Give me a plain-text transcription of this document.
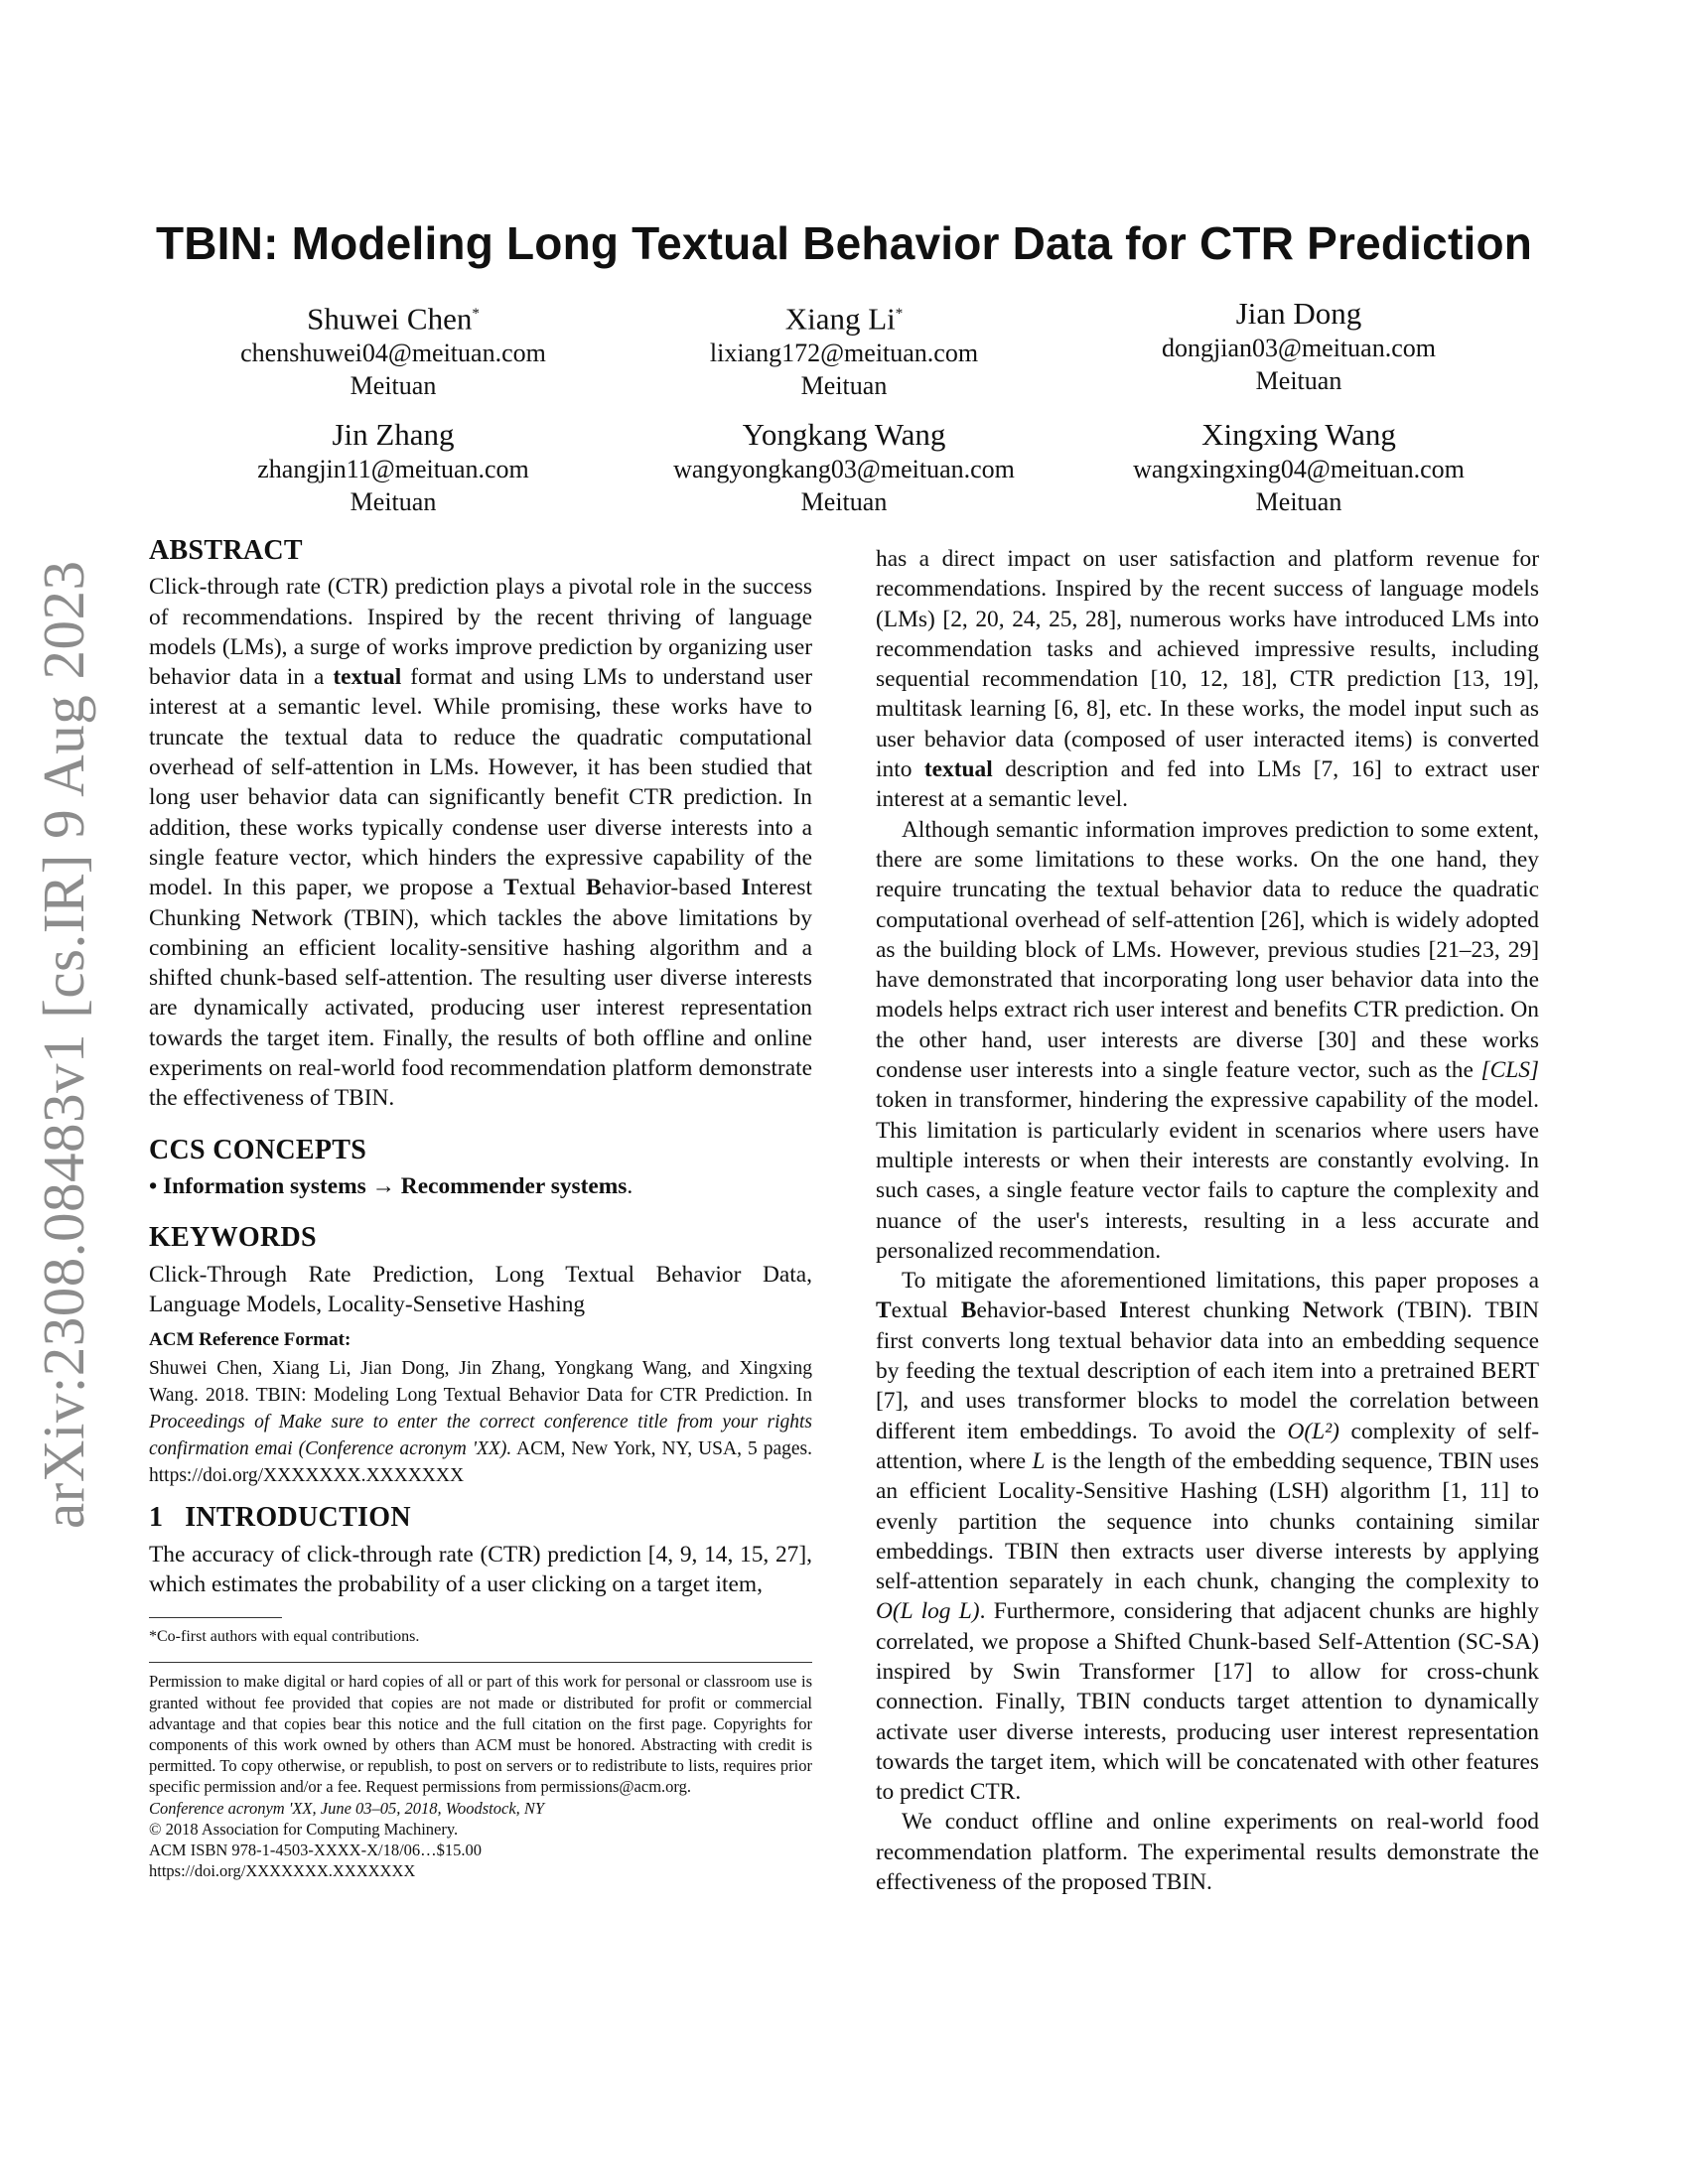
arXiv:2308.08483v1 [cs.IR] 9 Aug 2023
TBIN: Modeling Long Textual Behavior Data for CTR Prediction
Shuwei Chen*
chenshuwei04@meituan.com
Meituan
Xiang Li*
lixiang172@meituan.com
Meituan
Jian Dong
dongjian03@meituan.com
Meituan
Jin Zhang
zhangjin11@meituan.com
Meituan
Yongkang Wang
wangyongkang03@meituan.com
Meituan
Xingxing Wang
wangxingxing04@meituan.com
Meituan
ABSTRACT

Click-through rate (CTR) prediction plays a pivotal role in the success of recommendations. Inspired by the recent thriving of language models (LMs), a surge of works improve prediction by organizing user behavior data in a textual format and using LMs to understand user interest at a semantic level. While promising, these works have to truncate the textual data to reduce the quadratic computational overhead of self-attention in LMs. However, it has been studied that long user behavior data can significantly benefit CTR prediction. In addition, these works typically condense user diverse interests into a single feature vector, which hinders the expressive capability of the model. In this paper, we propose a Textual Behavior-based Interest Chunking Network (TBIN), which tackles the above limitations by combining an efficient locality-sensitive hashing algorithm and a shifted chunk-based self-attention. The resulting user diverse interests are dynamically activated, producing user interest representation towards the target item. Finally, the results of both offline and online experiments on real-world food recommendation platform demonstrate the effectiveness of TBIN.

CCS CONCEPTS

• Information systems → Recommender systems.

KEYWORDS

Click-Through Rate Prediction, Long Textual Behavior Data, Language Models, Locality-Sensetive Hashing

ACM Reference Format:

Shuwei Chen, Xiang Li, Jian Dong, Jin Zhang, Yongkang Wang, and Xingxing Wang. 2018. TBIN: Modeling Long Textual Behavior Data for CTR Prediction. In Proceedings of Make sure to enter the correct conference title from your rights confirmation emai (Conference acronym 'XX). ACM, New York, NY, USA, 5 pages. https://doi.org/XXXXXXX.XXXXXXX

1 INTRODUCTION

The accuracy of click-through rate (CTR) prediction [4, 9, 14, 15, 27], which estimates the probability of a user clicking on a target item,

*Co-first authors with equal contributions.
Permission to make digital or hard copies of all or part of this work for personal or classroom use is granted without fee provided that copies are not made or distributed for profit or commercial advantage and that copies bear this notice and the full citation on the first page. Copyrights for components of this work owned by others than ACM must be honored. Abstracting with credit is permitted. To copy otherwise, or republish, to post on servers or to redistribute to lists, requires prior specific permission and/or a fee. Request permissions from permissions@acm.org.
Conference acronym 'XX, June 03–05, 2018, Woodstock, NY
© 2018 Association for Computing Machinery.
ACM ISBN 978-1-4503-XXXX-X/18/06…$15.00
https://doi.org/XXXXXXX.XXXXXXX

has a direct impact on user satisfaction and platform revenue for recommendations. Inspired by the recent success of language models (LMs) [2, 20, 24, 25, 28], numerous works have introduced LMs into recommendation tasks and achieved impressive results, including sequential recommendation [10, 12, 18], CTR prediction [13, 19], multitask learning [6, 8], etc. In these works, the model input such as user behavior data (composed of user interacted items) is converted into textual description and fed into LMs [7, 16] to extract user interest at a semantic level.

Although semantic information improves prediction to some extent, there are some limitations to these works. On the one hand, they require truncating the textual behavior data to reduce the quadratic computational overhead of self-attention [26], which is widely adopted as the building block of LMs. However, previous studies [21–23, 29] have demonstrated that incorporating long user behavior data into the models helps extract rich user interest and benefits CTR prediction. On the other hand, user interests are diverse [30] and these works condense user interests into a single feature vector, such as the [CLS] token in transformer, hindering the expressive capability of the model. This limitation is particularly evident in scenarios where users have multiple interests or when their interests are constantly evolving. In such cases, a single feature vector fails to capture the complexity and nuance of the user's interests, resulting in a less accurate and personalized recommendation.

To mitigate the aforementioned limitations, this paper proposes a Textual Behavior-based Interest chunking Network (TBIN). TBIN first converts long textual behavior data into an embedding sequence by feeding the textual description of each item into a pretrained BERT [7], and uses transformer blocks to model the correlation between different item embeddings. To avoid the O(L²) complexity of self-attention, where L is the length of the embedding sequence, TBIN uses an efficient Locality-Sensitive Hashing (LSH) algorithm [1, 11] to evenly partition the sequence into chunks containing similar embeddings. TBIN then extracts user diverse interests by applying self-attention separately in each chunk, changing the complexity to O(L log L). Furthermore, considering that adjacent chunks are highly correlated, we propose a Shifted Chunk-based Self-Attention (SC-SA) inspired by Swin Transformer [17] to allow for cross-chunk connection. Finally, TBIN conducts target attention to dynamically activate user diverse interests, producing user interest representation towards the target item, which will be concatenated with other features to predict CTR.

We conduct offline and online experiments on real-world food recommendation platform. The experimental results demonstrate the effectiveness of the proposed TBIN.
